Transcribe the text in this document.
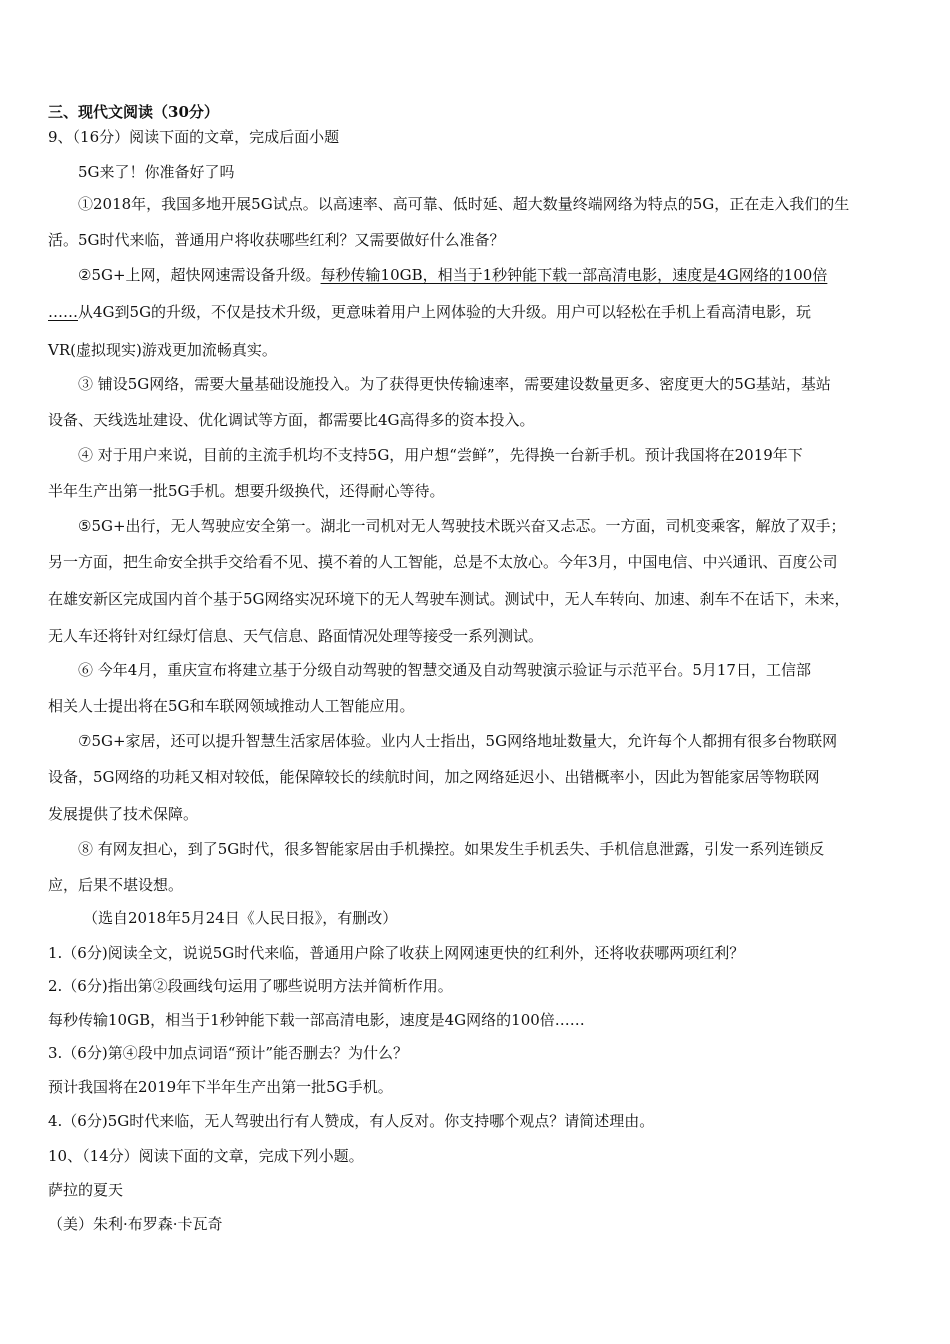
三、现代文阅读（30分）
9、（16分）阅读下面的文章，完成后面小题
5G来了！你准备好了吗
①2018年，我国多地开展5G试点。以高速率、高可靠、低时延、超大数量终端网络为特点的5G，正在走入我们的生
活。5G时代来临，普通用户将收获哪些红利？又需要做好什么准备？
②5G+上网，超快网速需设备升级。每秒传输10GB，相当于1秒钟能下载一部高清电影，速度是4G网络的100倍
……从4G到5G的升级，不仅是技术升级，更意味着用户上网体验的大升级。用户可以轻松在手机上看高清电影，玩
VR(虚拟现实)游戏更加流畅真实。
③ 铺设5G网络，需要大量基础设施投入。为了获得更快传输速率，需要建设数量更多、密度更大的5G基站，基站
设备、天线选址建设、优化调试等方面，都需要比4G高得多的资本投入。
④ 对于用户来说，目前的主流手机均不支持5G，用户想“尝鲜”，先得换一台新手机。预计我国将在2019年下
半年生产出第一批5G手机。想要升级换代，还得耐心等待。
⑤5G+出行，无人驾驶应安全第一。湖北一司机对无人驾驶技术既兴奋又忐忑。一方面，司机变乘客，解放了双手；
另一方面，把生命安全拱手交给看不见、摸不着的人工智能，总是不太放心。今年3月，中国电信、中兴通讯、百度公司
在雄安新区完成国内首个基于5G网络实况环境下的无人驾驶车测试。测试中，无人车转向、加速、刹车不在话下，未来，
无人车还将针对红绿灯信息、天气信息、路面情况处理等接受一系列测试。
⑥ 今年4月，重庆宣布将建立基于分级自动驾驶的智慧交通及自动驾驶演示验证与示范平台。5月17日，工信部
相关人士提出将在5G和车联网领域推动人工智能应用。
⑦5G+家居，还可以提升智慧生活家居体验。业内人士指出，5G网络地址数量大，允许每个人都拥有很多台物联网
设备，5G网络的功耗又相对较低，能保障较长的续航时间，加之网络延迟小、出错概率小，因此为智能家居等物联网
发展提供了技术保障。
⑧ 有网友担心，到了5G时代，很多智能家居由手机操控。如果发生手机丢失、手机信息泄露，引发一系列连锁反
应，后果不堪设想。
（选自2018年5月24日《人民日报》，有删改）
1.（6分)阅读全文，说说5G时代来临，普通用户除了收获上网网速更快的红利外，还将收获哪两项红利？
2.（6分)指出第②段画线句运用了哪些说明方法并简析作用。
每秒传输10GB，相当于1秒钟能下载一部高清电影，速度是4G网络的100倍……
3.（6分)第④段中加点词语“预计”能否删去？为什么？
预计我国将在2019年下半年生产出第一批5G手机。
4.（6分)5G时代来临，无人驾驶出行有人赞成，有人反对。你支持哪个观点？请简述理由。
10、（14分）阅读下面的文章，完成下列小题。
萨拉的夏天
（美）朱利·布罗森·卡瓦奇
